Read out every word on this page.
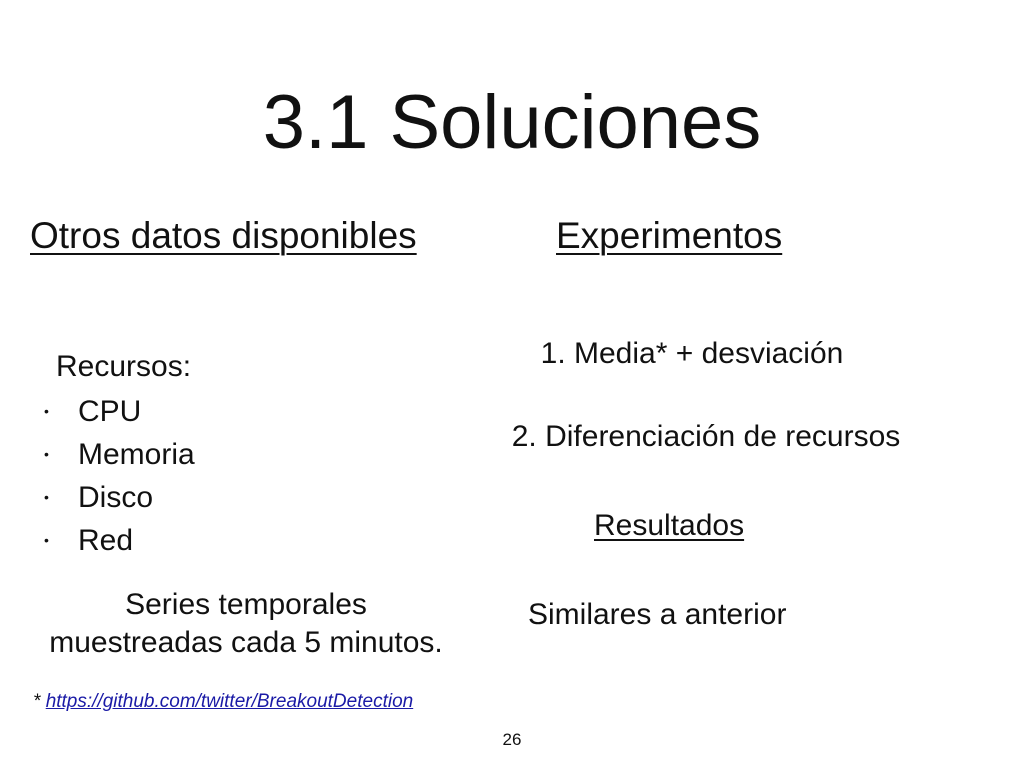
3.1 Soluciones
Otros datos disponibles	Experimentos
Recursos:
• CPU
• Memoria
• Disco
• Red
Series temporales
muestreadas cada 5 minutos.
1. Media* + desviación
2. Diferenciación de recursos
Resultados
Similares a anterior
* https://github.com/twitter/BreakoutDetection
26
